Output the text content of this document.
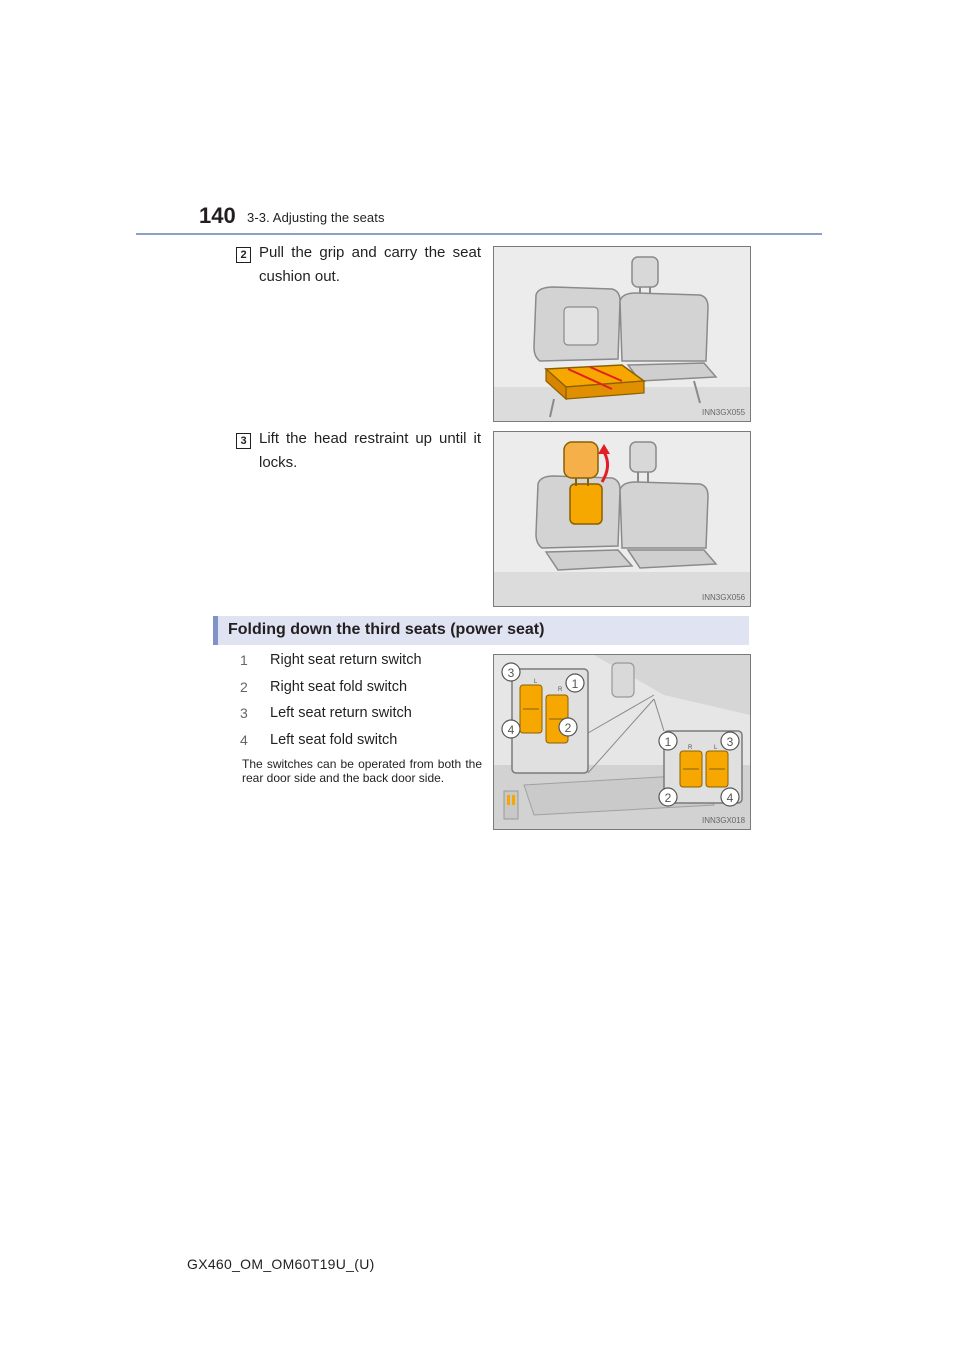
140 3-3. Adjusting the seats
2 Pull the grip and carry the seat cushion out.
INN3GX055
3 Lift the head restraint up until it locks.
INN3GX056
Folding down the third seats (power seat)
1	Right seat return switch
2	Right seat fold switch
3	Left seat return switch
4	Left seat fold switch
The switches can be operated from both the rear door side and the back door side.
L
R
R	L
3
1
4	2
1	3
2	4
INN3GX018
GX460_OM_OM60T19U_(U)
